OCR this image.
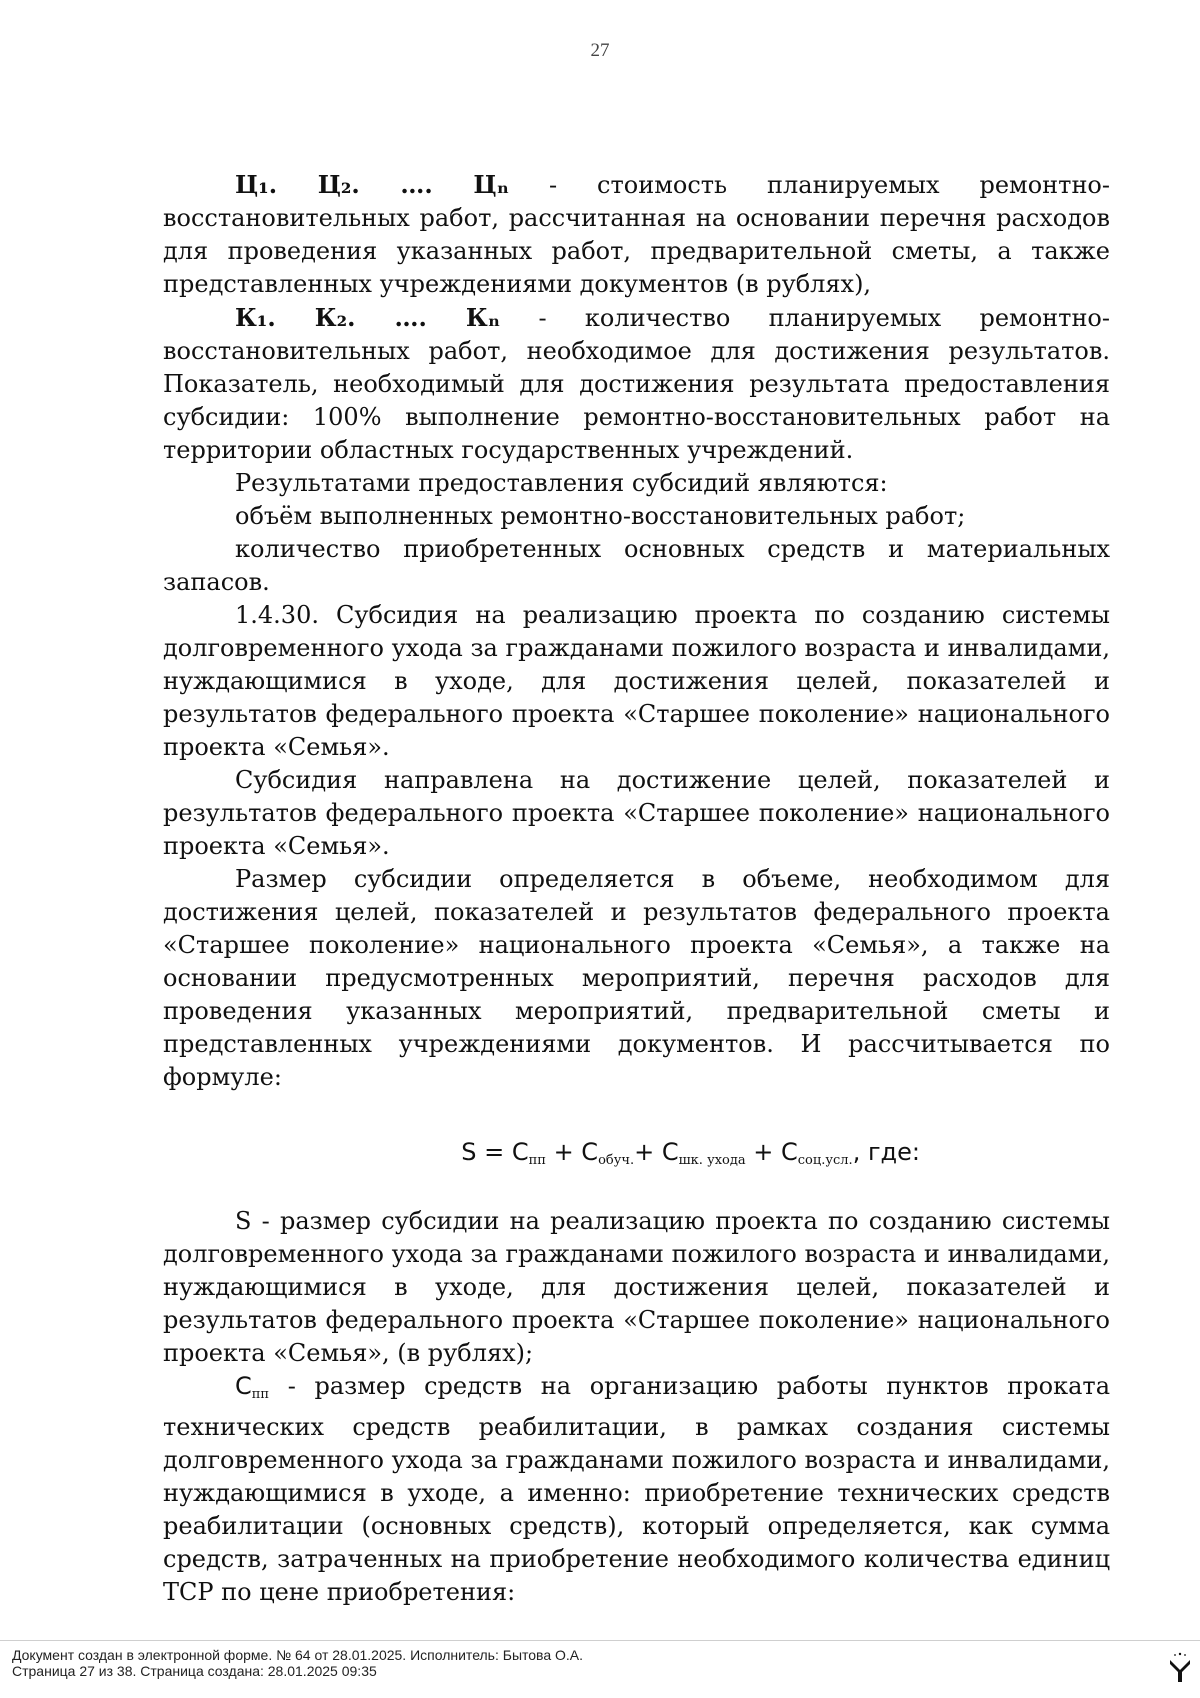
27

Ц₁. Ц₂. …. Цₙ - стоимость планируемых ремонтно-восстановительных работ, рассчитанная на основании перечня расходов для проведения указанных работ, предварительной сметы, а также представленных учреждениями документов (в рублях),

К₁. К₂. …. Кₙ - количество планируемых ремонтно-восстановительных работ, необходимое для достижения результатов. Показатель, необходимый для достижения результата предоставления субсидии: 100% выполнение ремонтно-восстановительных работ на территории областных государственных учреждений.

Результатами предоставления субсидий являются:

объём выполненных ремонтно-восстановительных работ;

количество приобретенных основных средств и материальных запасов.

1.4.30. Субсидия на реализацию проекта по созданию системы долговременного ухода за гражданами пожилого возраста и инвалидами, нуждающимися в уходе, для достижения целей, показателей и результатов федерального проекта «Старшее поколение» национального проекта «Семья».

Субсидия направлена на достижение целей, показателей и результатов федерального проекта «Старшее поколение» национального проекта «Семья».

Размер субсидии определяется в объеме, необходимом для достижения целей, показателей и результатов федерального проекта «Старшее поколение» национального проекта «Семья», а также на основании предусмотренных мероприятий, перечня расходов для проведения указанных мероприятий, предварительной сметы и представленных учреждениями документов. И рассчитывается по формуле:

$S = С_{пп} + С_{обуч.}+ С_{шк. ухода} + С_{соц.усл.}$, где:

S - размер субсидии на реализацию проекта по созданию системы долговременного ухода за гражданами пожилого возраста и инвалидами, нуждающимися в уходе, для достижения целей, показателей и результатов федерального проекта «Старшее поколение» национального проекта «Семья», (в рублях);

$С_{пп}$ - размер средств на организацию работы пунктов проката технических средств реабилитации, в рамках создания системы долговременного ухода за гражданами пожилого возраста и инвалидами, нуждающимися в уходе, а именно: приобретение технических средств реабилитации (основных средств), который определяется, как сумма средств, затраченных на приобретение необходимого количества единиц ТСР по цене приобретения:

Документ создан в электронной форме. № 64 от 28.01.2025. Исполнитель: Бытова О.А.
Страница 27 из 38. Страница создана: 28.01.2025 09:35
